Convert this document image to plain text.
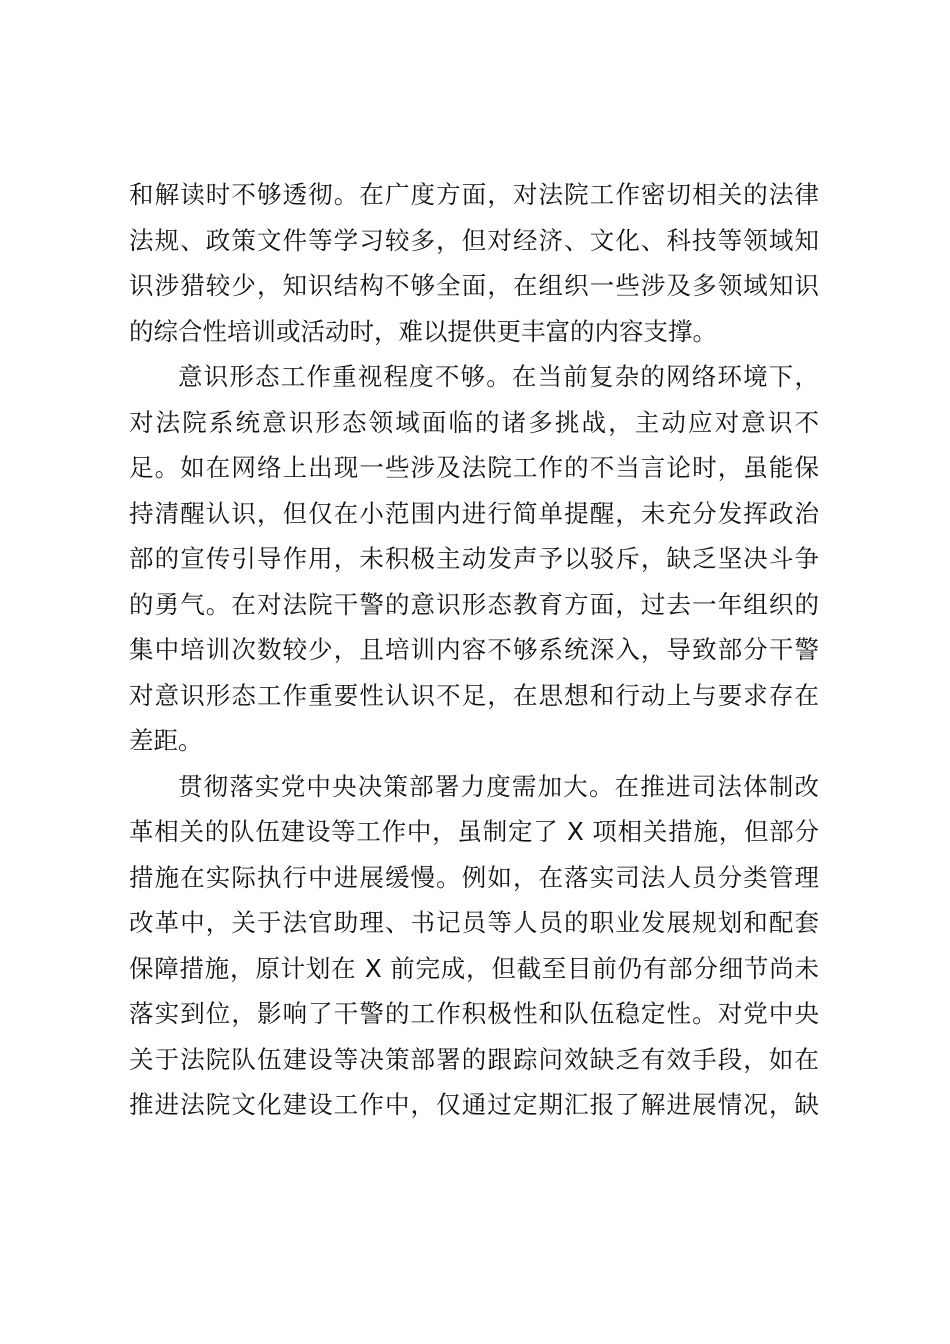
和解读时不够透彻。在广度方面，对法院工作密切相关的法律
法规、政策文件等学习较多，但对经济、文化、科技等领域知
识涉猎较少，知识结构不够全面，在组织一些涉及多领域知识
的综合性培训或活动时，难以提供更丰富的内容支撑。
意识形态工作重视程度不够。在当前复杂的网络环境下，
对法院系统意识形态领域面临的诸多挑战，主动应对意识不
足。如在网络上出现一些涉及法院工作的不当言论时，虽能保
持清醒认识，但仅在小范围内进行简单提醒，未充分发挥政治
部的宣传引导作用，未积极主动发声予以驳斥，缺乏坚决斗争
的勇气。在对法院干警的意识形态教育方面，过去一年组织的
集中培训次数较少，且培训内容不够系统深入，导致部分干警
对意识形态工作重要性认识不足，在思想和行动上与要求存在
差距。
贯彻落实党中央决策部署力度需加大。在推进司法体制改
革相关的队伍建设等工作中，虽制定了 X 项相关措施，但部分
措施在实际执行中进展缓慢。例如，在落实司法人员分类管理
改革中，关于法官助理、书记员等人员的职业发展规划和配套
保障措施，原计划在 X 前完成，但截至目前仍有部分细节尚未
落实到位，影响了干警的工作积极性和队伍稳定性。对党中央
关于法院队伍建设等决策部署的跟踪问效缺乏有效手段，如在
推进法院文化建设工作中，仅通过定期汇报了解进展情况，缺
